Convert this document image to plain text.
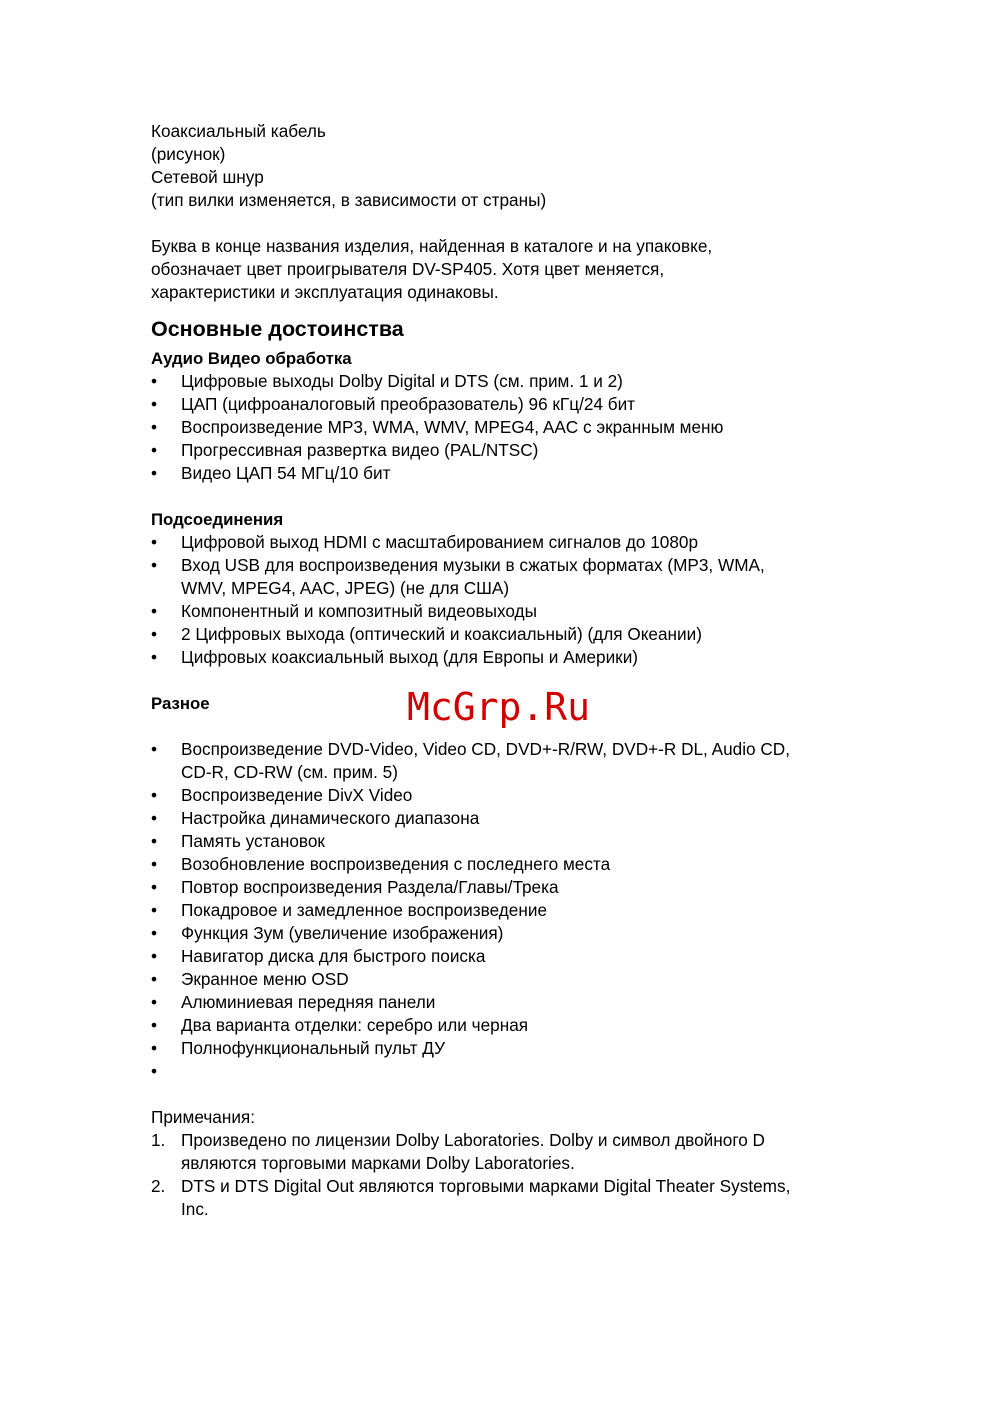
Коаксиальный кабель
(рисунок)
Сетевой шнур
(тип вилки изменяется, в зависимости от страны)
Буква в конце названия изделия, найденная в каталоге и на упаковке,
обозначает цвет проигрывателя DV-SP405. Хотя цвет меняется,
характеристики и эксплуатация одинаковы.
Основные достоинства
Аудио Видео обработка
•	Цифровые выходы Dolby Digital и DTS (см. прим. 1 и 2)
•	ЦАП (цифроаналоговый преобразователь) 96 кГц/24 бит
•	Воспроизведение MP3, WMA, WMV, MPEG4, AAC с экранным меню
•	Прогрессивная развертка видео (PAL/NTSC)
•	Видео ЦАП 54 МГц/10 бит
Подсоединения
•	Цифровой выход HDMI с масштабированием сигналов до 1080p
•	Вход USB для воспроизведения музыки в сжатых форматах (MP3, WMA,
WMV, MPEG4, AAC, JPEG) (не для США)
•	Компонентный и композитный видеовыходы
•	2 Цифровых выхода (оптический и коаксиальный) (для Океании)
•	Цифровых коаксиальный выход (для Европы и Америки)
Разное
•	Воспроизведение DVD-Video, Video CD, DVD+-R/RW, DVD+-R DL, Audio CD,
CD-R, CD-RW (см. прим. 5)
•	Воспроизведение DivX Video
•	Настройка динамического диапазона
•	Память установок
•	Возобновление воспроизведения с последнего места
•	Повтор воспроизведения Раздела/Главы/Трека
•	Покадровое и замедленное воспроизведение
•	Функция Зум (увеличение изображения)
•	Навигатор диска для быстрого поиска
•	Экранное меню OSD
•	Алюминиевая передняя панели
•	Два варианта отделки: серебро или черная
•	Полнофункциональный пульт ДУ
•
Примечания:
1. Произведено по лицензии Dolby Laboratories. Dolby и символ двойного D
являются торговыми марками Dolby Laboratories.
2. DTS и DTS Digital Out являются торговыми марками Digital Theater Systems,
Inc.
McGrp.Ru
